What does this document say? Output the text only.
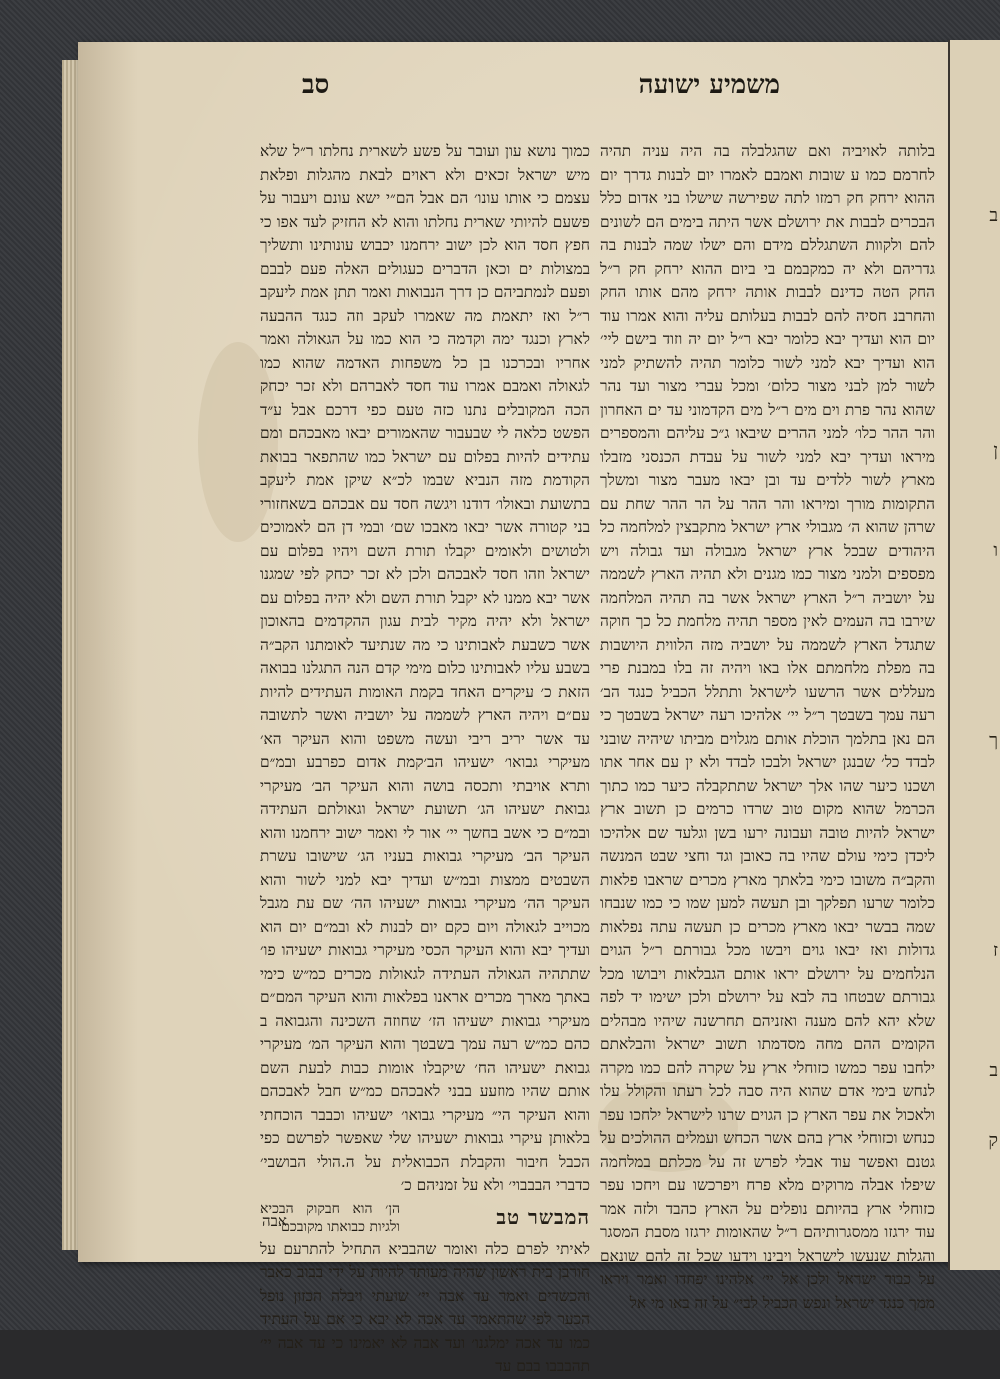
ב
ן
ו
ך
ז
ב
ק
משמיע ישועה
סב

בלותה לאויביה ואם שהגלבלה בה היה עניה תהיה לחרמם כמו ע שובות ואמבם לאמרו יום לבנות גדרך יום ההוא ירחק חק רמזו לתה שפירשה שישלו בני אדום כלל הבכרים לבבות את ירושלם אשר היתה בימים הם לשונים להם ולקוות השתגללם מידם והם ישלו שמה לבנות בה גדריהם ולא יה כמקבמם בי ביום ההוא ירחק חק ר״ל החק הטה כדינם לבבות אותה ירחק מהם אותו החק והחרבנ חסיה להם לבבות בעלותם עליה והוא אמרו עוד יום הוא ועדיך יבא כלומר יבא ר״ל יום יה וזוד בישם ליי׳ הוא ועדיך יבא למני לשור כלומר תהיה להשתיק למני לשור למן לבני מצור כלום׳ ומכל עברי מצור ועד נהר שהוא נהר פרת וים מים ר״ל מים הקדמוני עד ים האחרון והר ההר כלו׳ למני ההרים שיבאו ג״כ עליהם והמספרים מיראו ועדיך יבא למני לשור על עבדת הכנסני מזבלו מארץ לשור ללדים עד ובן יבאו מעבר מצור ומשלך התקומות מורך ומיראו והר ההר על הר ההר שחת עם שרהן שהוא ה׳ מגבולי ארץ ישראל מתקבצין למלחמה כל היהודים שבכל ארץ ישראל מגבולה ועד גבולה ויש מפספים ולמני מצור כמו מגנים ולא תהיה הארץ לשממה על יושביה ר״ל הארץ ישראל אשר בה תהיה המלחמה שירבו בה העמים לאין מספר תהיה מלחמת כל כך חוקה שתגדל הארץ לשממה על יושביה מזה הלווית היושבות בה מפלת מלחמתם אלו באו ויהיה זה בלו במבנת פרי מעללים אשר הרשעו לישראל ותתלל הכביל כנגד הב׳ רעה עמך בשבטך ר״ל יי׳ אלהיכו רעה ישראל בשבטך כי הם נאן בתלמך הוכלת אותם מגלוים מביתו שיהיה שובני לבדד כל׳ שבנגן ישראל ולבכו לבדד ולא ין עם אחר אתו ושכנו כיער שהו אלך ישראל שתתקבלה כיער כמו כתוך הכרמל שהוא מקום טוב שרדו כרמים כן תשוב ארץ ישראל להיות טובה ועבונה ירעו בשן וגלעד שם אלהיכו ליכדן כימי עולם שהיו בה כאובן וגד וחצי שבט המנשה והקב״ה משובו כימי בלאתך מארץ מכרים שראבו פלאות כלומר שרעו תפלקך ובן תעשה למען שמו כי כמו שנבחו שמה בבשר יבאו מארץ מכרים כן תעשה עתה נפלאות גדולות ואז יבאו גוים ויבשו מכל גבורתם ר״ל הגוים הנלחמים על ירושלם יראו אותם הגבלאות ויבושו מכל גבורתם שבטחו בה לבא על ירושלם ולכן ישימו יד לפה שלא יהא להם מענה ואזניהם תחרשנה שיהיו מבהלים הקומים ההם מחה מסדמתו תשוב ישראל והבלאתם ילחבו עפר כמשו כזוחלי ארץ על שקרה להם כמו מקרה לנחש בימי אדם שהוא היה סבה לכל רעתו והקולל עלו ולאכול את עפר הארץ כן הגוים שרנו לישראל ילחכו עפר כנחש וכזוחלי ארץ בהם אשר הכחש ועמלים ההולכים על גטנם ואפשר עוד אבלי לפרש זה על מכלתם במלחמה שיפלו אבלה מרוקים מלא פרח ויפרכשו עם ויחכו עפר כזוחלי ארץ בהיותם נופלים על הארץ כהבד ולזה אמר עוד ירגזו ממסגרותיהם ר״ל שהאומות ירגזו מסבת המסגר והגלות שנעשו לישראל ויבינו וידעו שכל זה להם שונאם על כבוד ישראל ולכן אל יי׳ אלהינו יפחדו ואמר ויראו ממך כנגד ישראל ונפש הכביל לבי״ על זה באו מי אל

כמוך נושא עון ועובר על פשע לשארית נחלתו ר״ל שלא מיש ישראל זכאים ולא ראוים לבאת מהגלות ופלאת עצמם כי אותו עונו׳ הם אבל הם״י ישא עונם ויעבור על פשעם להיותי שארית נחלתו והוא לא החזיק לעד אפו כי חפץ חסד הוא לכן ישוב ירחמנו יכבוש עונותינו ותשליך במצולות ים וכאן הדברים כעגולים האלה פעם לבבם ופעם לנמתביהם כן דרך הנבואות ואמר תתן אמת ליעקב ר״ל ואז יתאמת מה שאמרו לעקב וזה כנגד ההבעה לארץ וכנגד ימה וקדמה כי הוא כמו על הגאולה ואמר אחריו ובכרכנו בן כל משפחות האדמה שהוא כמו לגאולה ואמבם אמרו עוד חסד לאברהם ולא זכר יכחק הכה המקובלים נתנו כזה טעם כפי דרכם אבל ע״ד הפשט כלאה לי שבעבור שהאמורים יבאו מאבכהם ומם עתידים להיות בפלום עם ישראל כמו שהתפאר בבואת הקודמת מזה הנביא שבמו לכ״א שיקן אמת ליעקב בתשועת ובאולו׳ דודנו ויגשה חסד עם אבכהם בשאחזורי בני קטורה אשר יבאו מאבכו שם׳ ובמי דן הם לאמוכים ולטושים ולאומים יקבלו תורת השם ויהיו בפלום עם ישראל וזהו חסד לאבכהם ולכן לא זכר יכחק לפי שמגנו אשר יבא ממנו לא יקבל תורת השם ולא יהיה בפלום עם ישראל ולא יהיה מקיר לבית עגון ההקדמים בהאוכון אשר כשבעת לאבותינו כי מה שנתיעד לאומתנו הקב״ה בשבע עליו לאבותינו כלום מימי קדם הנה התגלנו בבואה הזאת כ׳ עיקרים האחד בקמת האומות העתידים להיות עם״ם ויהיה הארץ לשממה על יושביה ואשר לתשובה עד אשר יריב ריבי ועשה משפט והוא העיקר הא׳ מעיקרי גבואו׳ ישעיהו הב׳קמת אדום כפרבע ובמ״ם ותרא אויבתי ותכסה בושה והוא העיקר הב׳ מעיקרי גבואת ישעיהו הג׳ תשועת ישראל וגאולתם העתידה ובמ״ם כי אשב בחשך יי׳ אור לי ואמר ישוב ירחמנו והוא העיקר הב׳ מעיקרי גבואות בעניו הג׳ שישובו עשרת השבטים ממצות ובמ״ש ועדיך יבא למני לשור והוא העיקר הה׳ מעיקרי גבואות ישעיהו הה׳ שם עת מגבל מכוייב לגאולה ויום כקם יום לבנות לא ובמ״ם יום הוא ועדיך יבא והוא העיקר הכסי מעיקרי גבואות ישעיהו פו׳ שתתהיה הגאולה העתידה לגאולות מכרים כמ״ש כימי באתך מארך מכרים אראנו בפלאות והוא העיקר המם״ם מעיקרי גבואות ישעיהו הז׳ שחוזה השכינה והגבואה ב כהם כמ״ש רעה עמך בשבטך והוא העיקר המ׳ מעיקרי גבואת ישעיהו הח׳ שיקבלו אומות כבות לבעת השם אותם שהיו מוזעע בבני לאבכהם כמ״ש חבל לאבכהם והוא העיקר הי״ מעיקרי גבואו׳ ישעיהו וכבבר הוכחתי בלאותן עיקרי גבואות ישעיהו שלי שאפשר לפרשם כפי הכבל חיבור והקבלת הכבואלית על ה.הולי הבושבי׳ כדברי הבבבוי׳ ולא על זמניהם כ׳

המבשר טב
הן׳ הוא חבקוק הבכיא ולגיות כבואתו מקובכם

לאיתי לפרם כלה ואומר שהבביא התחיל להתרעם על חורבן בית ראשון שהיה מעותד להיות על ידי בבוב כאבר והכשדים ואמר עד אבה יי׳ שועתי ויבלה הכזון נופל הכער לפי שהתאמר עד אכה לא יבא כי אם על העתיד כמו עד אכה ימלגנו׳ ועד אבה לא יאמינו כי עד אבה יי׳ תהבבבו בבם עד

אבה
